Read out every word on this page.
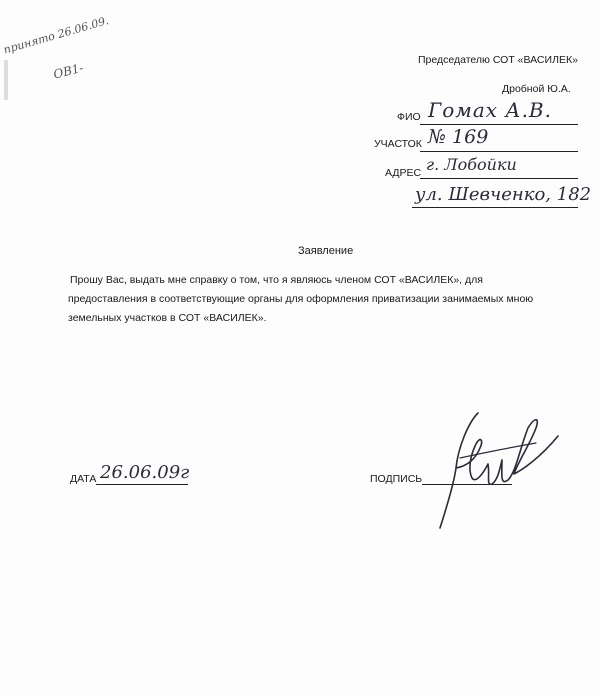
принято 26.06.09.
ОВ1-
Председателю СОТ «ВАСИЛЕК»
Дробной Ю.А.
ФИО Гомах А.В.
УЧАСТОК № 169
АДРЕС г. Лобойки
ул. Шевченко, 182
Заявление
Прошу Вас, выдать мне справку о том, что я являюсь членом СОТ «ВАСИЛЕК», для
предоставления в соответствующие органы для оформления приватизации занимаемых мною
земельных участков в СОТ «ВАСИЛЕК».
ДАТА 26.06.09г	ПОДПИСЬ
